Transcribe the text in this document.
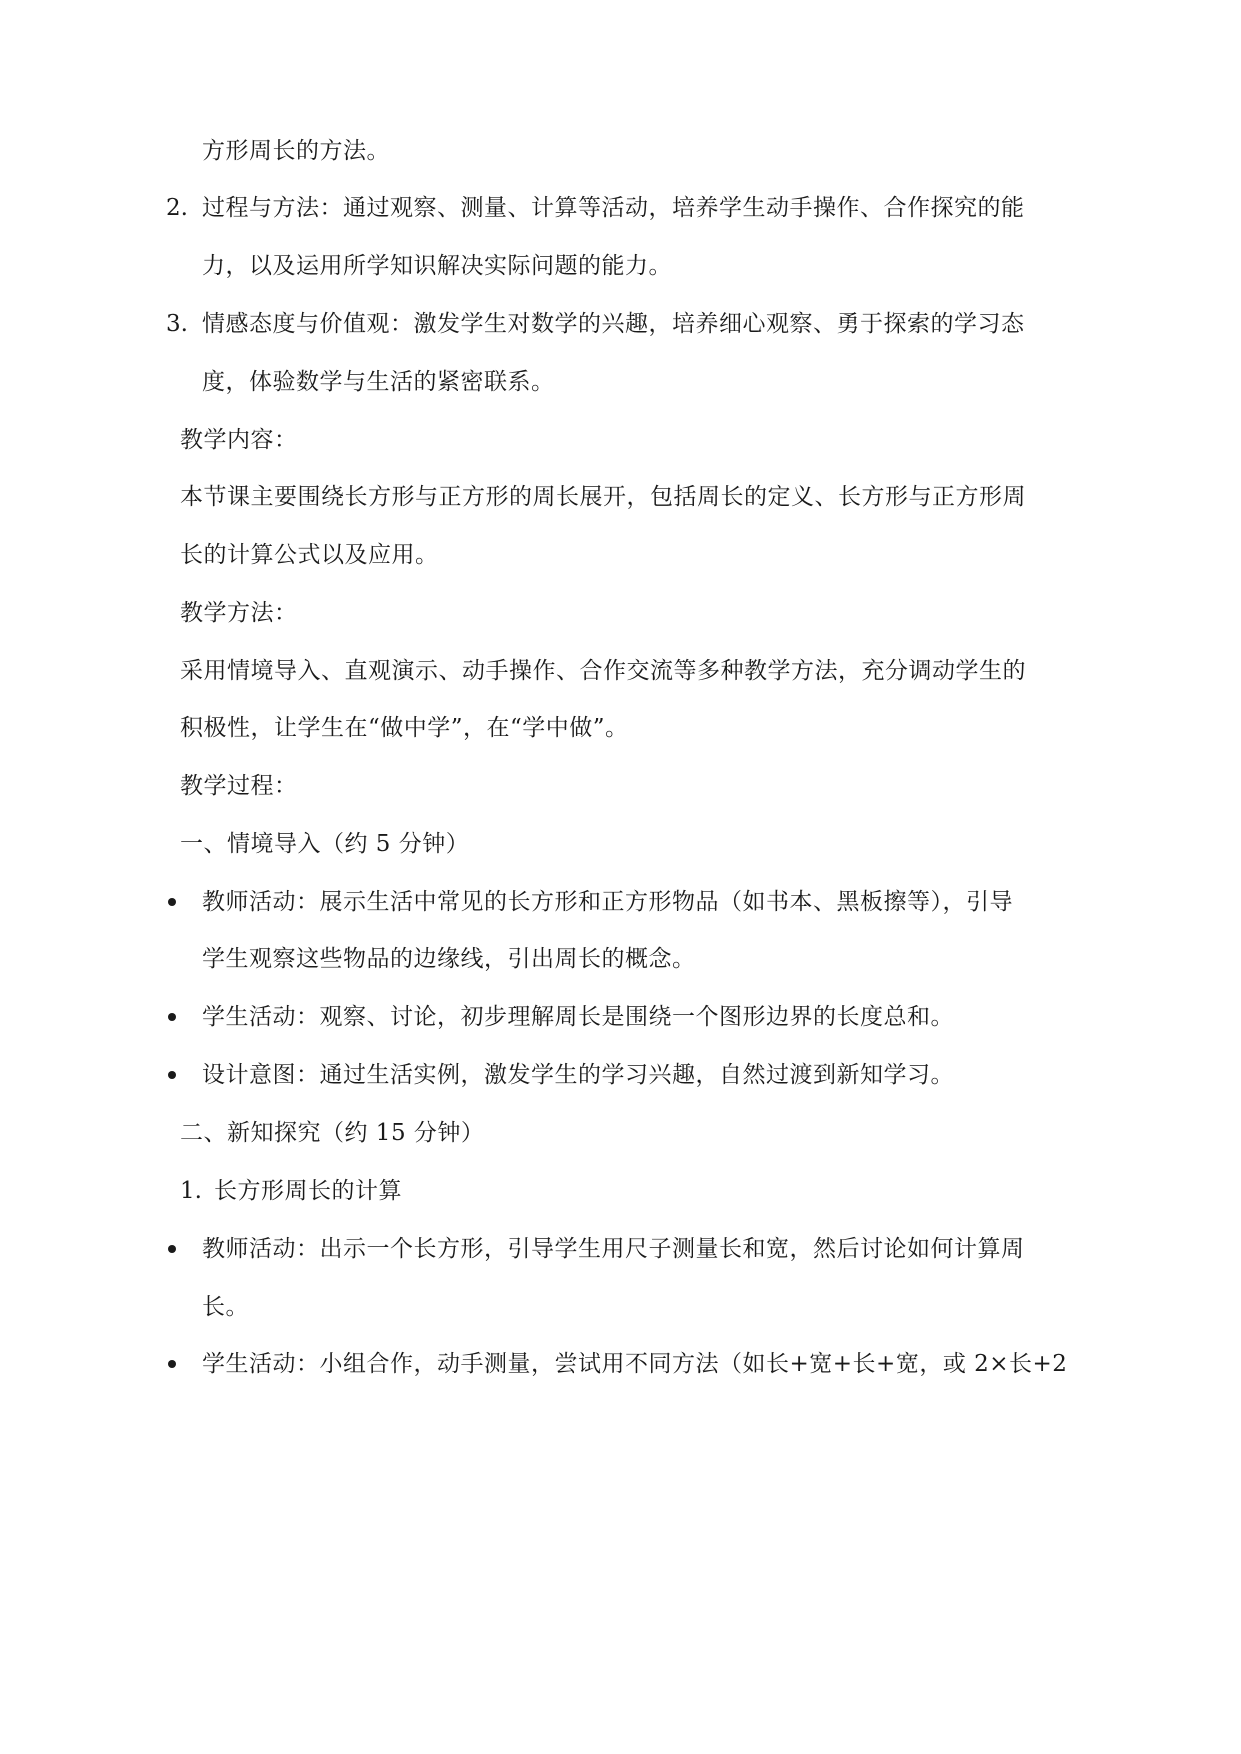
方形周长的方法。
2. 过程与方法：通过观察、测量、计算等活动，培养学生动手操作、合作探究的能
力，以及运用所学知识解决实际问题的能力。
3. 情感态度与价值观：激发学生对数学的兴趣，培养细心观察、勇于探索的学习态
度，体验数学与生活的紧密联系。
教学内容：
本节课主要围绕长方形与正方形的周长展开，包括周长的定义、长方形与正方形周
长的计算公式以及应用。
教学方法：
采用情境导入、直观演示、动手操作、合作交流等多种教学方法，充分调动学生的
积极性，让学生在“做中学”，在“学中做”。
教学过程：
一、情境导入（约 5 分钟）
教师活动：展示生活中常见的长方形和正方形物品（如书本、黑板擦等），引导
学生观察这些物品的边缘线，引出周长的概念。
学生活动：观察、讨论，初步理解周长是围绕一个图形边界的长度总和。
设计意图：通过生活实例，激发学生的学习兴趣，自然过渡到新知学习。
二、新知探究（约 15 分钟）
1. 长方形周长的计算
教师活动：出示一个长方形，引导学生用尺子测量长和宽，然后讨论如何计算周
长。
学生活动：小组合作，动手测量，尝试用不同方法（如长+宽+长+宽，或 2×长+2
